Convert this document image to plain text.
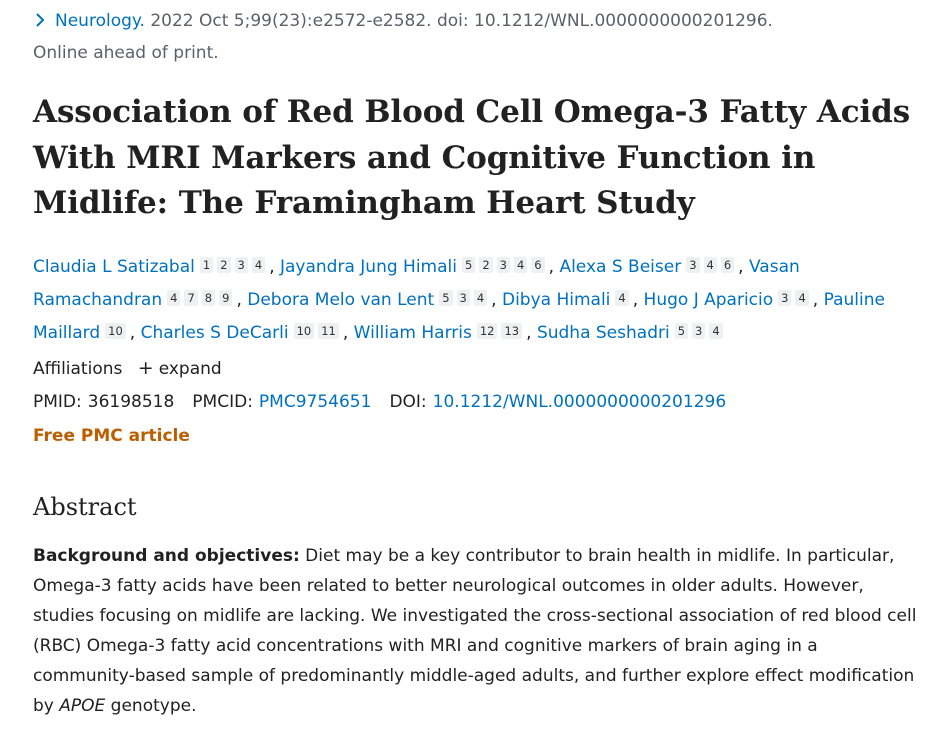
Neurology. 2022 Oct 5;99(23):e2572-e2582. doi: 10.1212/WNL.0000000000201296.
Online ahead of print.
Association of Red Blood Cell Omega-3 Fatty Acids With MRI Markers and Cognitive Function in Midlife: The Framingham Heart Study
Claudia L Satizabal 1 2 3 4 , Jayandra Jung Himali 5 2 3 4 6 , Alexa S Beiser 3 4 6 , Vasan Ramachandran 4 7 8 9 , Debora Melo van Lent 5 3 4 , Dibya Himali 4 , Hugo J Aparicio 3 4 , Pauline Maillard 10 , Charles S DeCarli 10 11 , William Harris 12 13 , Sudha Seshadri 5 3 4
Affiliations + expand
PMID: 36198518 PMCID: PMC9754651 DOI: 10.1212/WNL.0000000000201296
Free PMC article
Abstract

Background and objectives: Diet may be a key contributor to brain health in midlife. In particular, Omega-3 fatty acids have been related to better neurological outcomes in older adults. However, studies focusing on midlife are lacking. We investigated the cross-sectional association of red blood cell (RBC) Omega-3 fatty acid concentrations with MRI and cognitive markers of brain aging in a community-based sample of predominantly middle-aged adults, and further explore effect modification by APOE genotype.
